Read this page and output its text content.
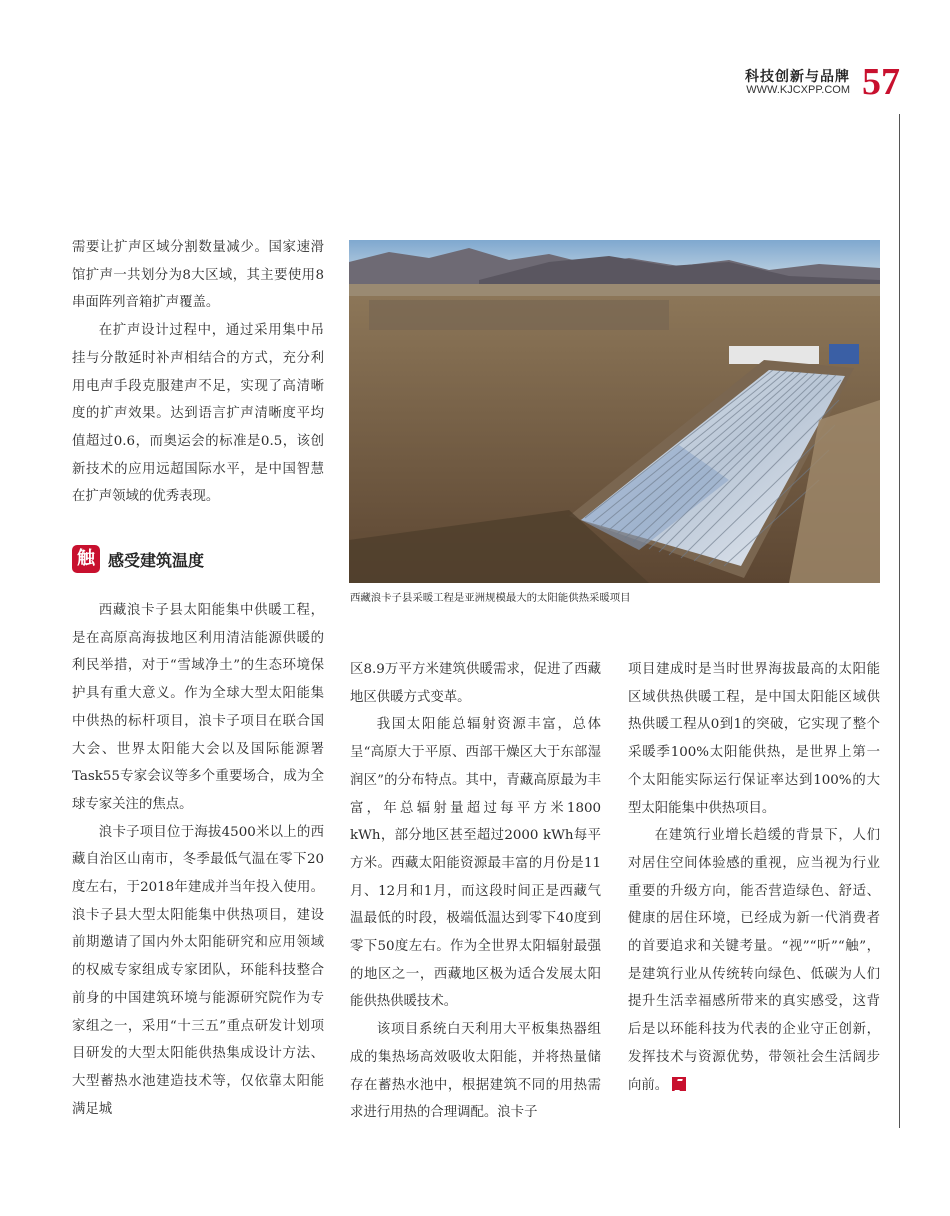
科技创新与品牌
WWW.KJCXPP.COM 57

需要让扩声区域分割数量减少。国家速滑馆扩声一共划分为8大区域，其主要使用8串面阵列音箱扩声覆盖。

在扩声设计过程中，通过采用集中吊挂与分散延时补声相结合的方式，充分利用电声手段克服建声不足，实现了高清晰度的扩声效果。达到语言扩声清晰度平均值超过0.6，而奥运会的标准是0.5，该创新技术的应用远超国际水平，是中国智慧在扩声领域的优秀表现。

触 感受建筑温度

西藏浪卡子县太阳能集中供暖工程，是在高原高海拔地区利用清洁能源供暖的利民举措，对于“雪域净土”的生态环境保护具有重大意义。作为全球大型太阳能集中供热的标杆项目，浪卡子项目在联合国大会、世界太阳能大会以及国际能源署Task55专家会议等多个重要场合，成为全球专家关注的焦点。

浪卡子项目位于海拔4500米以上的西藏自治区山南市，冬季最低气温在零下20度左右，于2018年建成并当年投入使用。浪卡子县大型太阳能集中供热项目，建设前期邀请了国内外太阳能研究和应用领域的权威专家组成专家团队，环能科技整合前身的中国建筑环境与能源研究院作为专家组之一，采用“十三五”重点研发计划项目研发的大型太阳能供热集成设计方法、大型蓄热水池建造技术等，仅依靠太阳能满足城

西藏浪卡子县采暖工程是亚洲规模最大的太阳能供热采暖项目

区8.9万平方米建筑供暖需求，促进了西藏地区供暖方式变革。

我国太阳能总辐射资源丰富，总体呈“高原大于平原、西部干燥区大于东部湿润区”的分布特点。其中，青藏高原最为丰富，年总辐射量超过每平方米1800 kWh，部分地区甚至超过2000 kWh每平方米。西藏太阳能资源最丰富的月份是11月、12月和1月，而这段时间正是西藏气温最低的时段，极端低温达到零下40度到零下50度左右。作为全世界太阳辐射最强的地区之一，西藏地区极为适合发展太阳能供热供暖技术。

该项目系统白天利用大平板集热器组成的集热场高效吸收太阳能，并将热量储存在蓄热水池中，根据建筑不同的用热需求进行用热的合理调配。浪卡子

项目建成时是当时世界海拔最高的太阳能区域供热供暖工程，是中国太阳能区域供热供暖工程从0到1的突破，它实现了整个采暖季100%太阳能供热，是世界上第一个太阳能实际运行保证率达到100%的大型太阳能集中供热项目。

在建筑行业增长趋缓的背景下，人们对居住空间体验感的重视，应当视为行业重要的升级方向，能否营造绿色、舒适、健康的居住环境，已经成为新一代消费者的首要追求和关键考量。“视”“听”“触”，是建筑行业从传统转向绿色、低碳为人们提升生活幸福感所带来的真实感受，这背后是以环能科技为代表的企业守正创新，发挥技术与资源优势，带领社会生活阔步向前。
